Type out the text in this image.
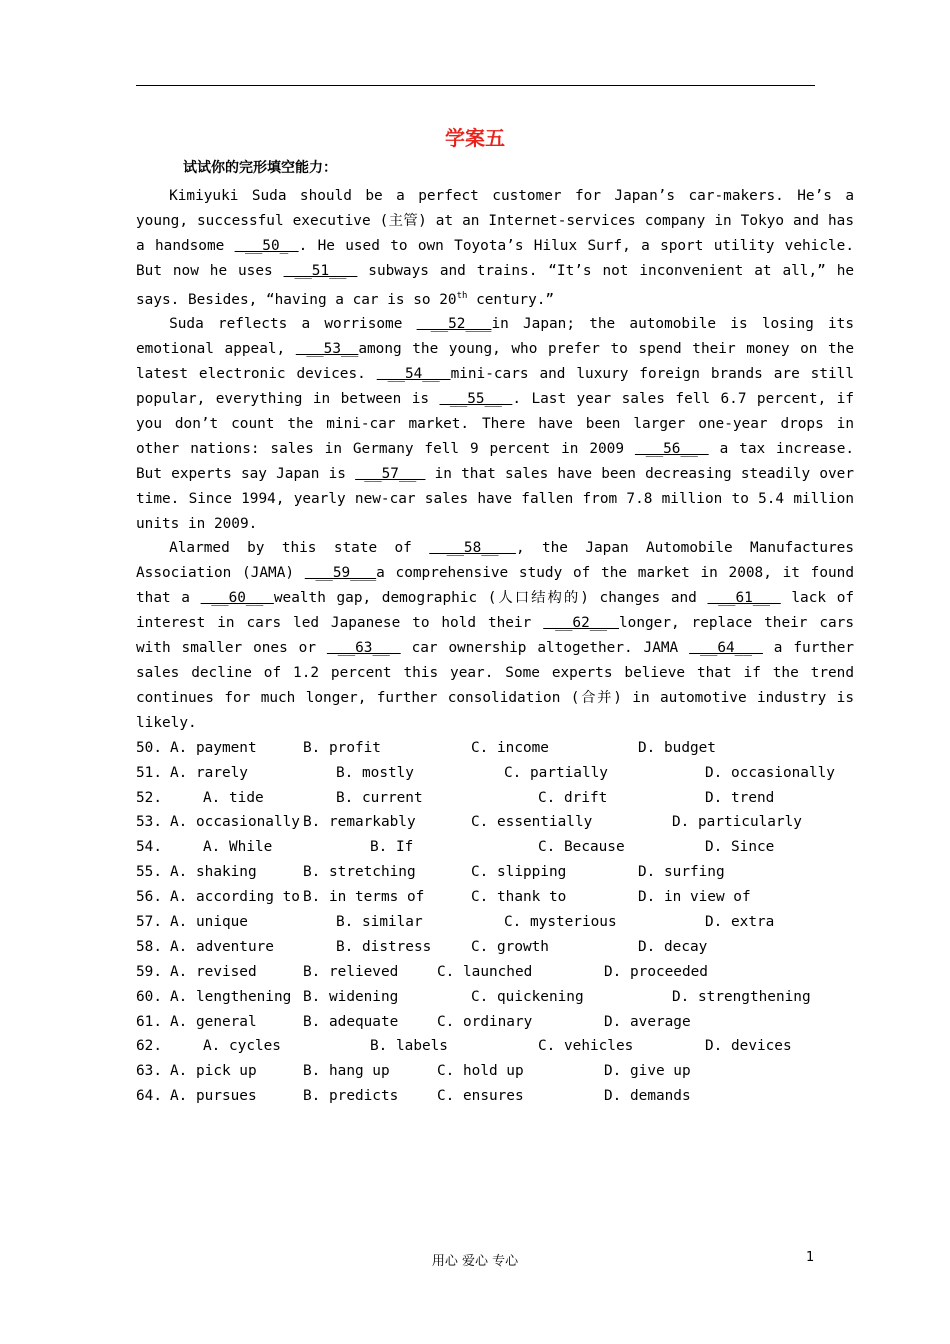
学案五
试试你的完形填空能力：

Kimiyuki Suda should be a perfect customer for Japan’s car-makers. He’s a young, successful executive (主管) at an Internet-services company in Tokyo and has a handsome  __50_ . He used to own Toyota’s Hilux Surf, a sport utility vehicle. But now he uses  __51__  subways and trains. “It’s not inconvenient at all,” he says. Besides, “having a car is so 20th century.”

Suda reflects a worrisome  __52___in Japan; the automobile is losing its emotional appeal,  __53__among the young, who prefer to spend their money on the latest electronic devices.  __54__ mini-cars and luxury foreign brands are still popular, everything in between is  __55__ . Last year sales fell 6.7 percent, if you don’t count the mini-car market. There have been larger one-year drops in other nations: sales in Germany fell 9 percent in 2009  __56__  a tax increase. But experts say Japan is  __57__  in that sales have been decreasing steadily over time. Since 1994, yearly new-car sales have fallen from 7.8 million to 5.4 million units in 2009.

Alarmed by this state of  __58__ , the Japan Automobile Manufactures Association (JAMA)  __59___a comprehensive study of the market in 2008, it found that a  __60__ wealth gap, demographic (人口结构的) changes and  __61__  lack of interest in cars led Japanese to hold their  __62__ longer, replace their cars with smaller ones or  __63__  car ownership altogether. JAMA  __64__  a further sales decline of 1.2 percent this year. Some experts believe that if the trend continues for much longer, further consolidation (合并) in automotive industry is likely.

50. A. payment	B. profit	C. income	D. budget
51. A. rarely	B. mostly	C. partially	D. occasionally
52.	A. tide	B. current	C. drift	D. trend
53. A. occasionally B. remarkably	C. essentially	D. particularly
54.	A. While	B. If	C. Because	D. Since
55. A. shaking	B. stretching	C. slipping	D. surfing
56. A. according to B. in terms of	C. thank to	D. in view of
57. A. unique	B. similar	C. mysterious	D. extra
58. A. adventure	B. distress	C. growth	D. decay
59. A. revised	B. relieved	C. launched	D. proceeded
60. A. lengthening B. widening	C. quickening	D. strengthening
61. A. general	B. adequate	C. ordinary	D. average
62.	A. cycles	B. labels	C. vehicles	D. devices
63. A. pick up	B. hang up	C. hold up	D. give up
64. A. pursues	B. predicts	C. ensures	D. demands
用心 爱心 专心	1
